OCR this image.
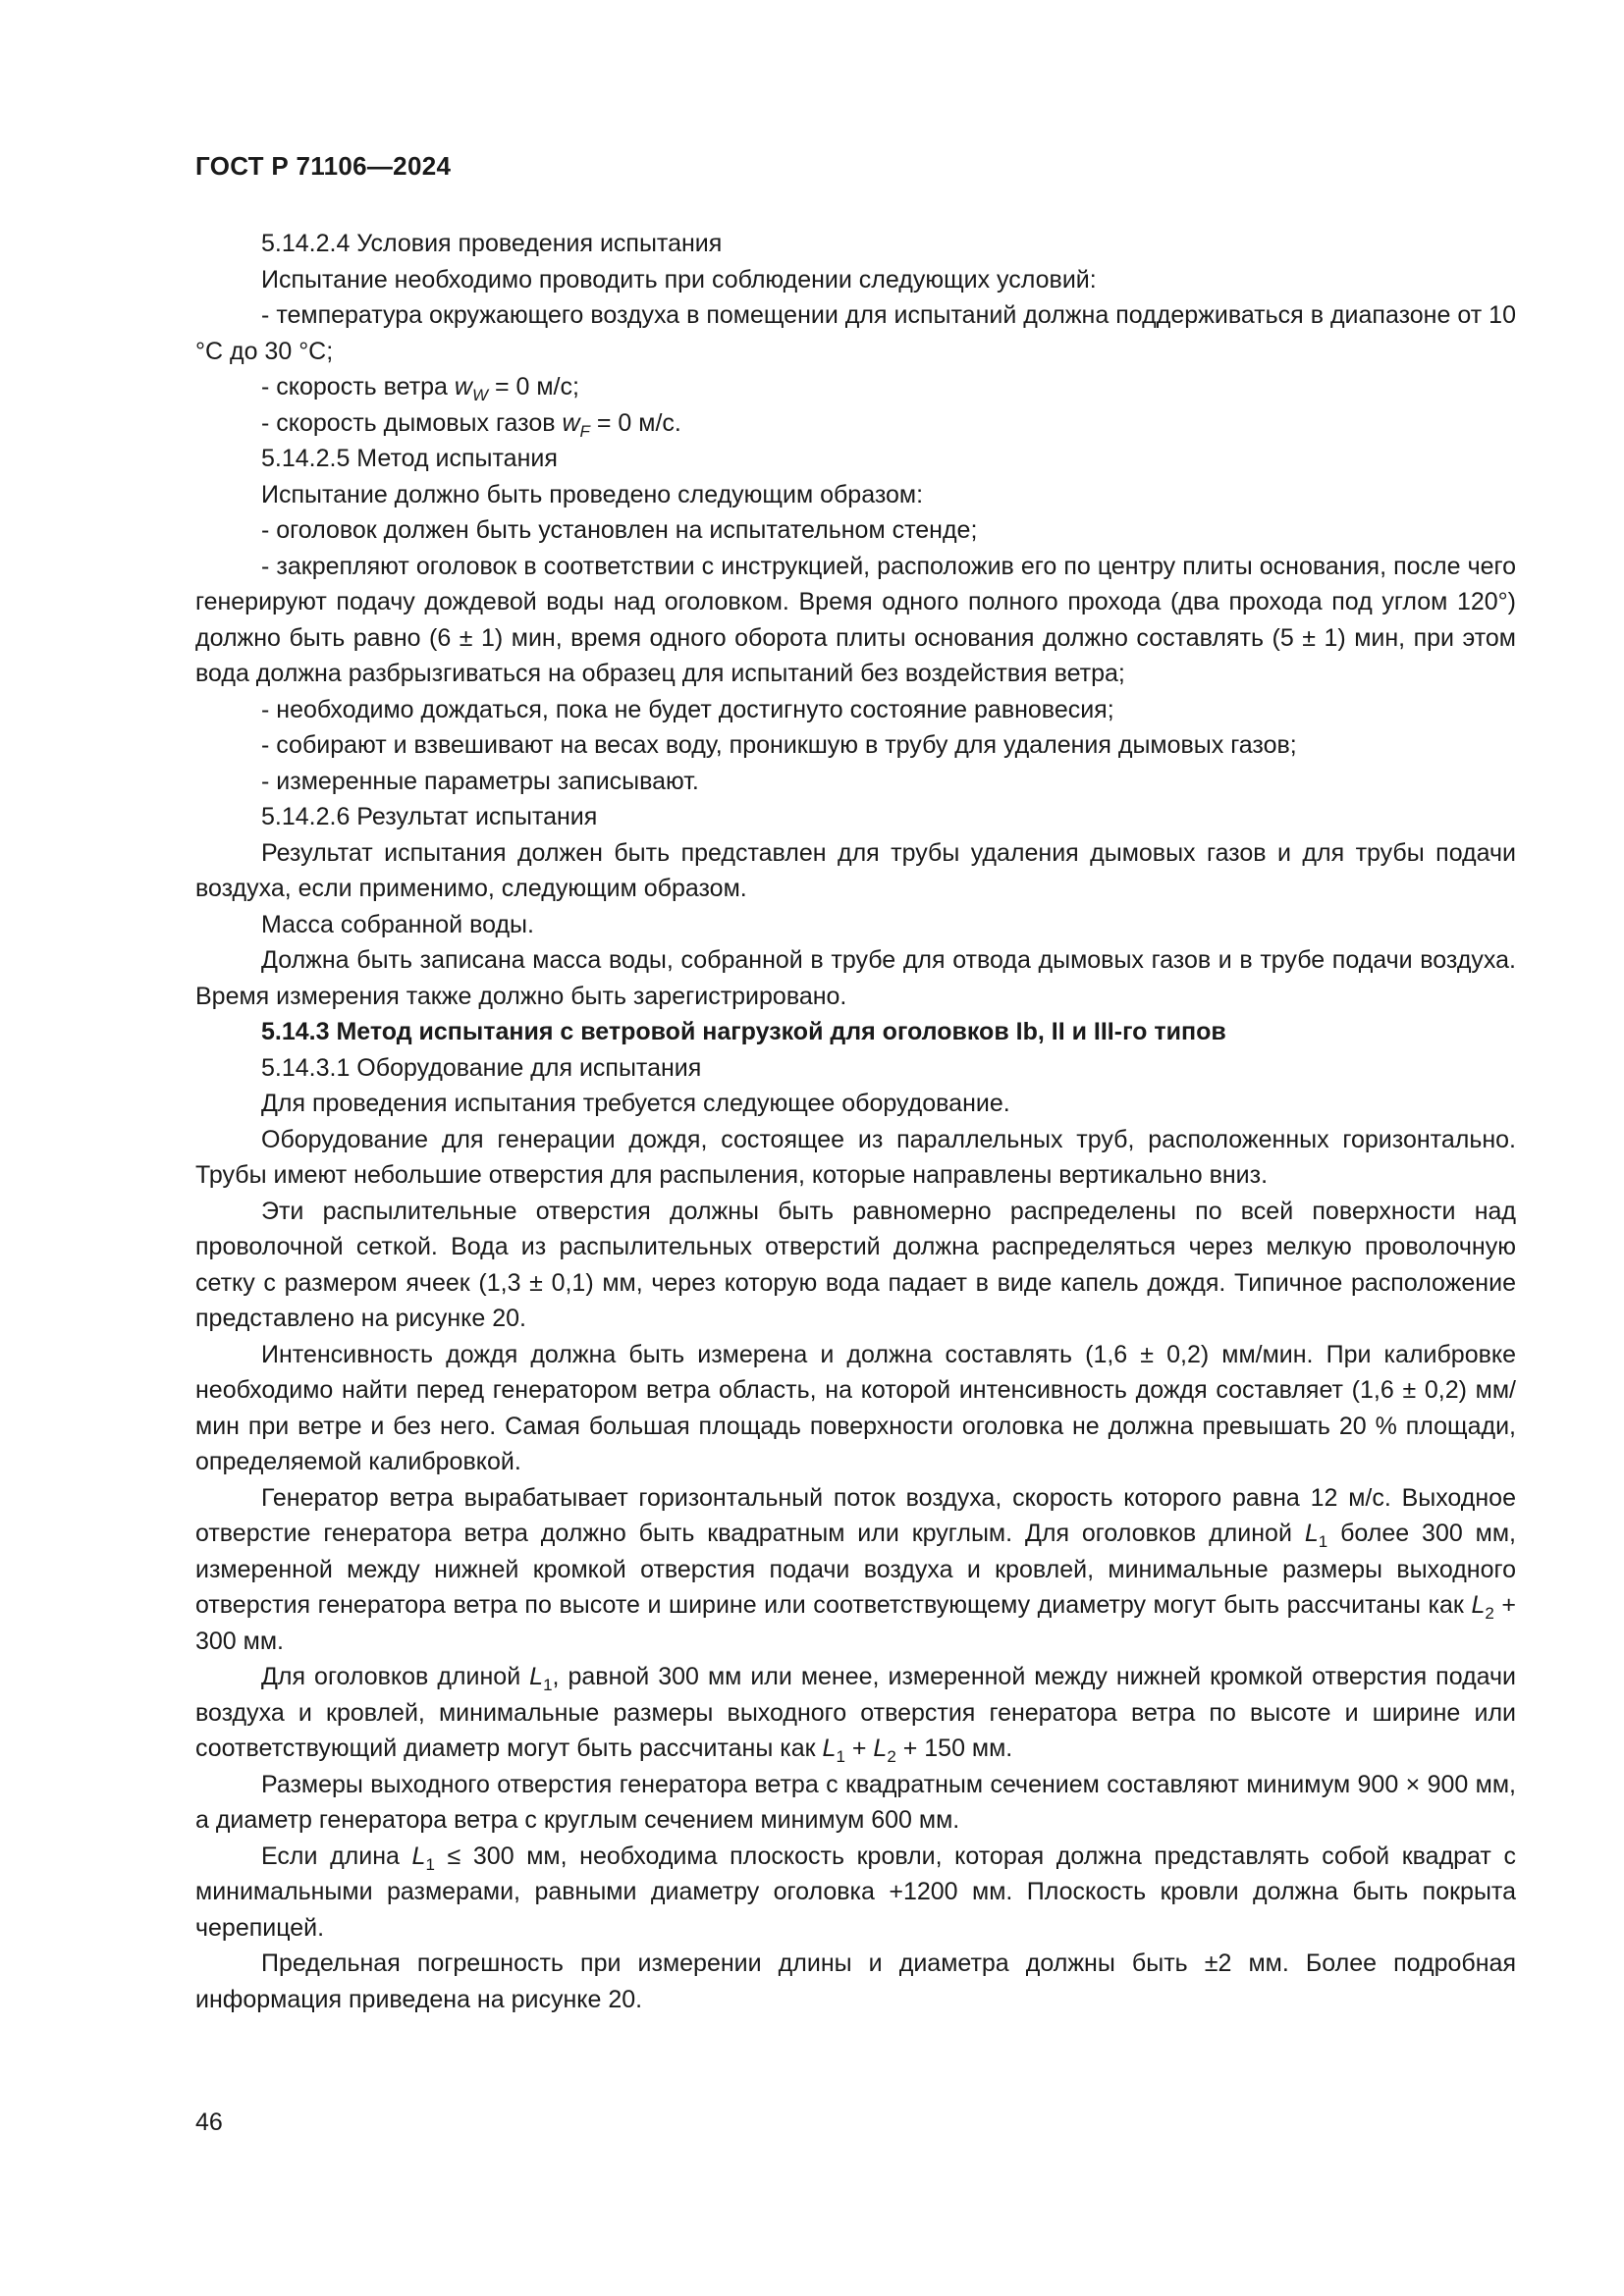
ГОСТ Р 71106—2024

5.14.2.4 Условия проведения испытания

Испытание необходимо проводить при соблюдении следующих условий:

- температура окружающего воздуха в помещении для испытаний должна поддерживаться в диапазоне от 10 °С до 30 °С;

- скорость ветра $w_W = 0$ м/с;

- скорость дымовых газов $w_F = 0$ м/с.

5.14.2.5 Метод испытания

Испытание должно быть проведено следующим образом:

- оголовок должен быть установлен на испытательном стенде;

- закрепляют оголовок в соответствии с инструкцией, расположив его по центру плиты основания, после чего генерируют подачу дождевой воды над оголовком. Время одного полного прохода (два прохода под углом 120°) должно быть равно (6 ± 1) мин, время одного оборота плиты основания должно составлять (5 ± 1) мин, при этом вода должна разбрызгиваться на образец для испытаний без воздействия ветра;

- необходимо дождаться, пока не будет достигнуто состояние равновесия;

- собирают и взвешивают на весах воду, проникшую в трубу для удаления дымовых газов;

- измеренные параметры записывают.

5.14.2.6 Результат испытания

Результат испытания должен быть представлен для трубы удаления дымовых газов и для трубы подачи воздуха, если применимо, следующим образом.

Масса собранной воды.

Должна быть записана масса воды, собранной в трубе для отвода дымовых газов и в трубе подачи воздуха. Время измерения также должно быть зарегистрировано.

5.14.3 Метод испытания с ветровой нагрузкой для оголовков Ib, II и III-го типов

5.14.3.1 Оборудование для испытания

Для проведения испытания требуется следующее оборудование.

Оборудование для генерации дождя, состоящее из параллельных труб, расположенных горизонтально. Трубы имеют небольшие отверстия для распыления, которые направлены вертикально вниз.

Эти распылительные отверстия должны быть равномерно распределены по всей поверхности над проволочной сеткой. Вода из распылительных отверстий должна распределяться через мелкую проволочную сетку с размером ячеек (1,3 ± 0,1) мм, через которую вода падает в виде капель дождя. Типичное расположение представлено на рисунке 20.

Интенсивность дождя должна быть измерена и должна составлять (1,6 ± 0,2) мм/мин. При калибровке необходимо найти перед генератором ветра область, на которой интенсивность дождя составляет (1,6 ± 0,2) мм/мин при ветре и без него. Самая большая площадь поверхности оголовка не должна превышать 20 % площади, определяемой калибровкой.

Генератор ветра вырабатывает горизонтальный поток воздуха, скорость которого равна 12 м/с. Выходное отверстие генератора ветра должно быть квадратным или круглым. Для оголовков длиной $L_1$ более 300 мм, измеренной между нижней кромкой отверстия подачи воздуха и кровлей, минимальные размеры выходного отверстия генератора ветра по высоте и ширине или соответствующему диаметру могут быть рассчитаны как $L_2 + 300$ мм.

Для оголовков длиной $L_1$, равной 300 мм или менее, измеренной между нижней кромкой отверстия подачи воздуха и кровлей, минимальные размеры выходного отверстия генератора ветра по высоте и ширине или соответствующий диаметр могут быть рассчитаны как $L_1 + L_2 + 150$ мм.

Размеры выходного отверстия генератора ветра с квадратным сечением составляют минимум 900 × 900 мм, а диаметр генератора ветра с круглым сечением минимум 600 мм.

Если длина $L_1 \le 300$ мм, необходима плоскость кровли, которая должна представлять собой квадрат с минимальными размерами, равными диаметру оголовка +1200 мм. Плоскость кровли должна быть покрыта черепицей.

Предельная погрешность при измерении длины и диаметра должны быть ±2 мм. Более подробная информация приведена на рисунке 20.

46
